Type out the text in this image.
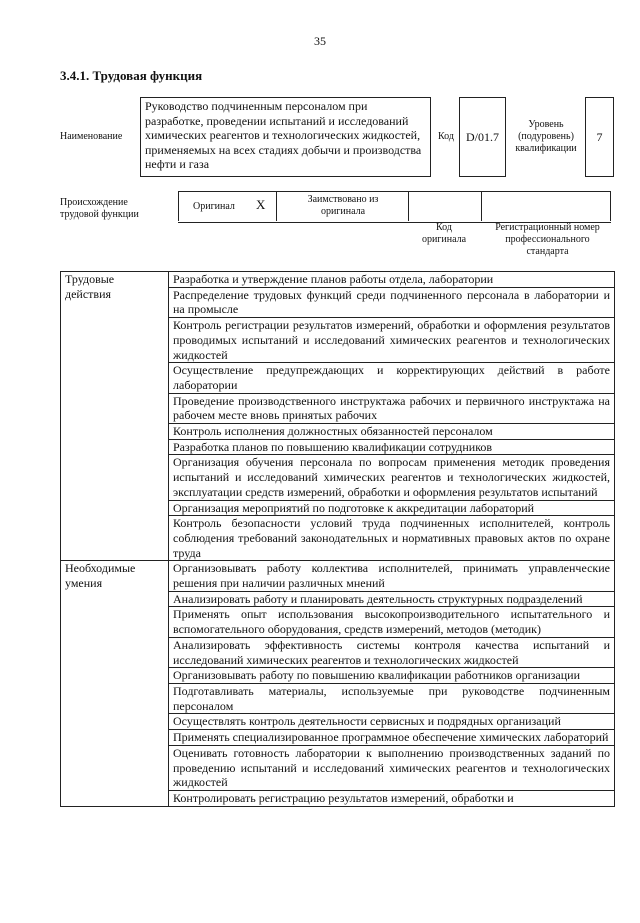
35
3.4.1. Трудовая функция
Наименование
Руководство подчиненным персоналом при разработке, проведении испытаний и исследований химических реагентов и технологических жидкостей, применяемых на всех стадиях добычи и производства нефти и газа
Код D/01.7
Уровень
(подуровень)
квалификации
7
Происхождение
трудовой функции
Оригинал X	Заимствовано из
оригинала
Код
оригинала
Регистрационный номер
профессионального
стандарта
Трудовые
действия	Разработка и утверждение планов работы отдела, лаборатории
	Распределение трудовых функций среди подчиненного персонала в лаборатории и на промысле
	Контроль регистрации результатов измерений, обработки и оформления результатов проводимых испытаний и исследований химических реагентов и технологических жидкостей
	Осуществление предупреждающих и корректирующих действий в работе лаборатории
	Проведение производственного инструктажа рабочих и первичного инструктажа на рабочем месте вновь принятых рабочих
	Контроль исполнения должностных обязанностей персоналом
	Разработка планов по повышению квалификации сотрудников
	Организация обучения персонала по вопросам применения методик проведения испытаний и исследований химических реагентов и технологических жидкостей, эксплуатации средств измерений, обработки и оформления результатов испытаний
	Организация мероприятий по подготовке к аккредитации лабораторий
	Контроль безопасности условий труда подчиненных исполнителей, контроль соблюдения требований законодательных и нормативных правовых актов по охране труда

Необходимые
умения	Организовывать работу коллектива исполнителей, принимать управленческие решения при наличии различных мнений
	Анализировать работу и планировать деятельность структурных подразделений
	Применять опыт использования высокопроизводительного испытательного и вспомогательного оборудования, средств измерений, методов (методик)
	Анализировать эффективность системы контроля качества испытаний и исследований химических реагентов и технологических жидкостей
	Организовывать работу по повышению квалификации работников организации
	Подготавливать материалы, используемые при руководстве подчиненным персоналом
	Осуществлять контроль деятельности сервисных и подрядных организаций
	Применять специализированное программное обеспечение химических лабораторий
	Оценивать готовность лаборатории к выполнению производственных заданий по проведению испытаний и исследований химических реагентов и технологических жидкостей
	Контролировать регистрацию результатов измерений, обработки и
